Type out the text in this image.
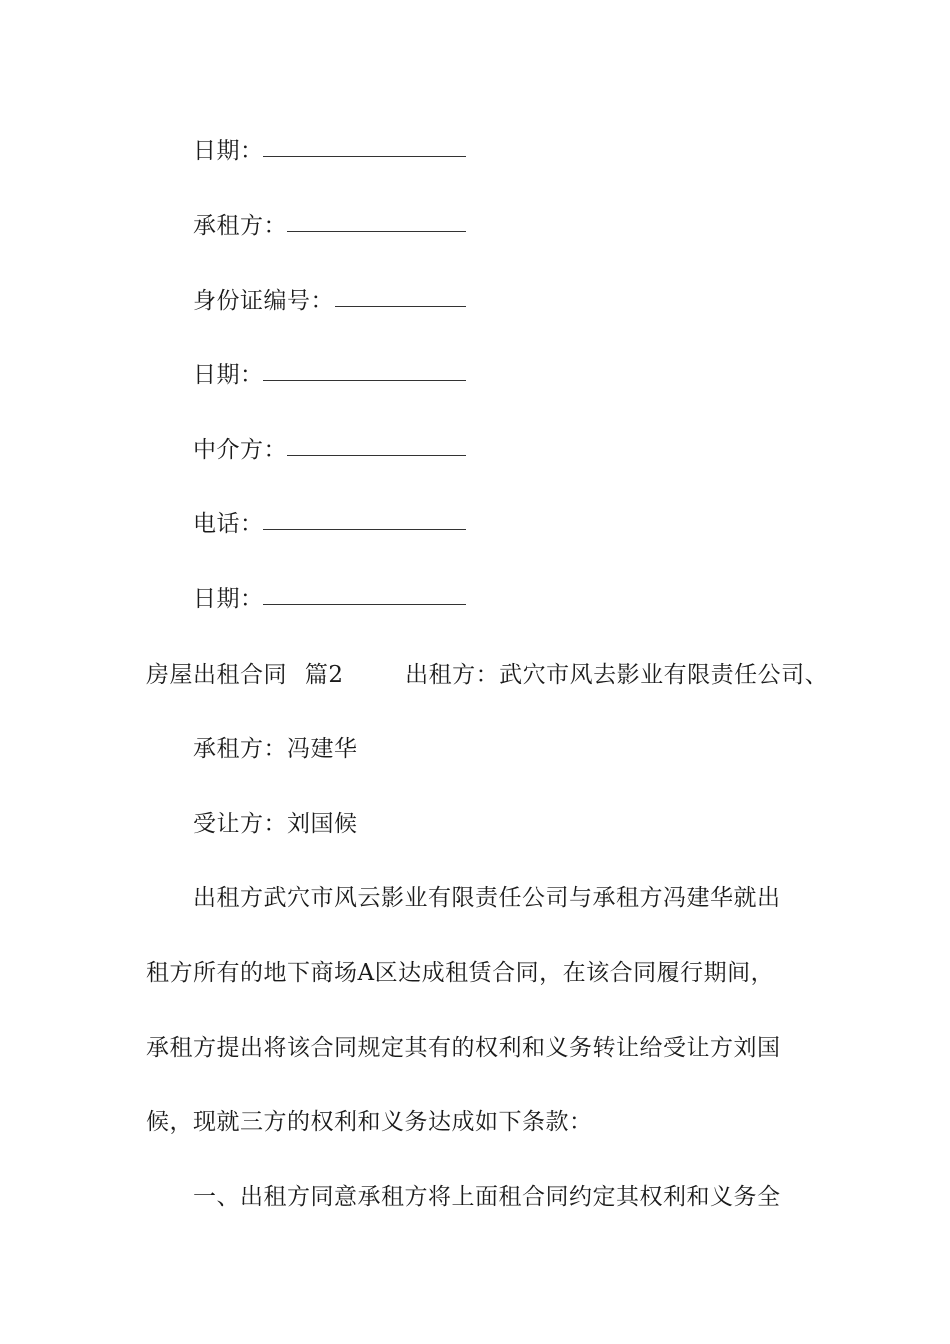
日期：
承租方：
身份证编号：
日期：
中介方：
电话：
日期：
房屋出租合同 篇2	出租方：武穴市风去影业有限责任公司、
承租方：冯建华
受让方：刘国候
出租方武穴市风云影业有限责任公司与承租方冯建华就出
租方所有的地下商场A区达成租赁合同，在该合同履行期间，
承租方提出将该合同规定其有的权利和义务转让给受让方刘国
候，现就三方的权利和义务达成如下条款：
一、出租方同意承租方将上面租合同约定其权利和义务全
